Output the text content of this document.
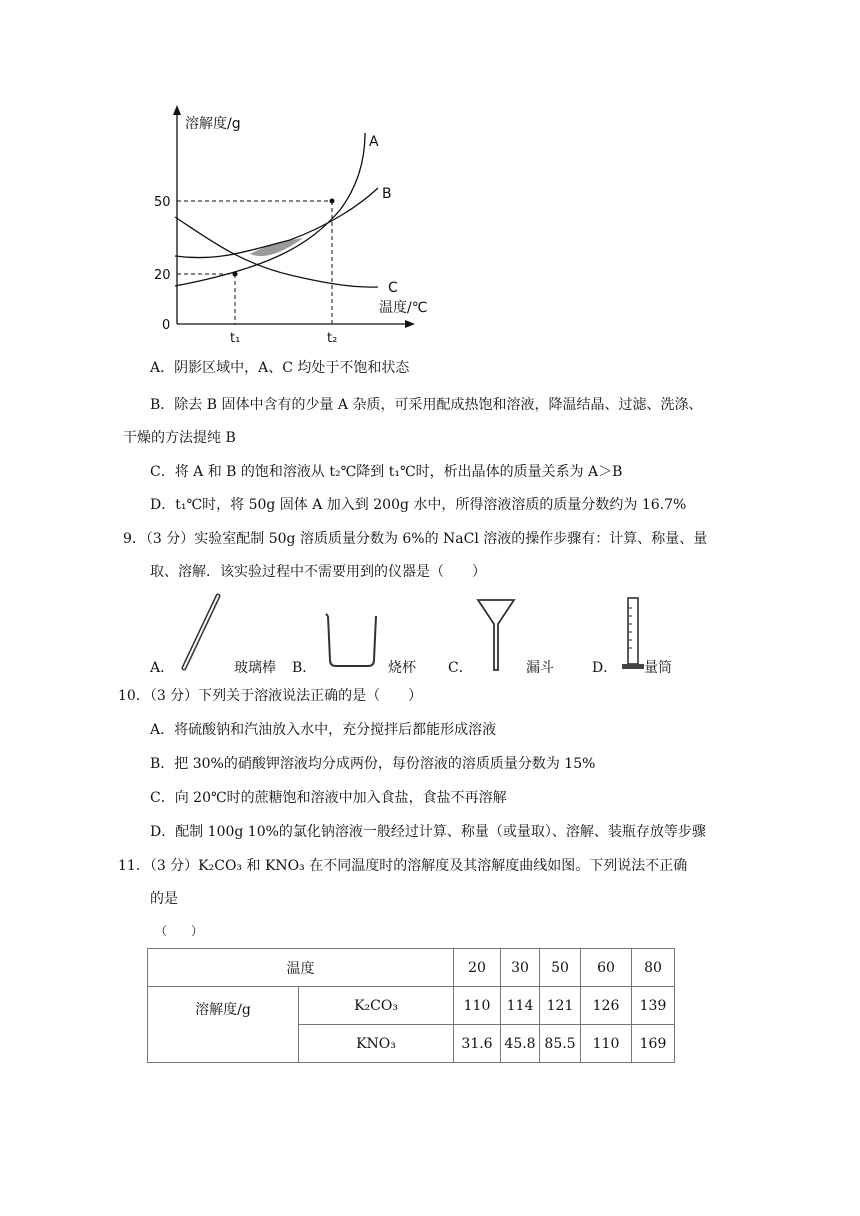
溶解度/g
温度/℃
50
20
0
t₁	t₂
A
B
C
A．阴影区域中，A、C 均处于不饱和状态
B．除去 B 固体中含有的少量 A 杂质，可采用配成热饱和溶液，降温结晶、过滤、洗涤、
干燥的方法提纯 B
C．将 A 和 B 的饱和溶液从 t₂℃降到 t₁℃时，析出晶体的质量关系为 A＞B
D．t₁℃时，将 50g 固体 A 加入到 200g 水中，所得溶液溶质的质量分数约为 16.7%
9．（3 分）实验室配制 50g 溶质质量分数为 6%的 NaCl 溶液的操作步骤有：计算、称量、量
取、溶解．该实验过程中不需要用到的仪器是（　　）
A．	玻璃棒 B．	烧杯 C．	漏斗	D． 量筒
10．（3 分）下列关于溶液说法正确的是（　　）
A．将硫酸钠和汽油放入水中，充分搅拌后都能形成溶液
B．把 30%的硝酸钾溶液均分成两份，每份溶液的溶质质量分数为 15%
C．向 20℃时的蔗糖饱和溶液中加入食盐，食盐不再溶解
D．配制 100g 10%的氯化钠溶液一般经过计算、称量（或量取）、溶解、装瓶存放等步骤
11．（3 分）K₂CO₃ 和 KNO₃ 在不同温度时的溶解度及其溶解度曲线如图。下列说法不正确
的是
（　　）
温度		20	30	50	60	80
溶解度/g	K₂CO₃	110	114	121	126	139
	KNO₃	31.6	45.8	85.5	110	169
